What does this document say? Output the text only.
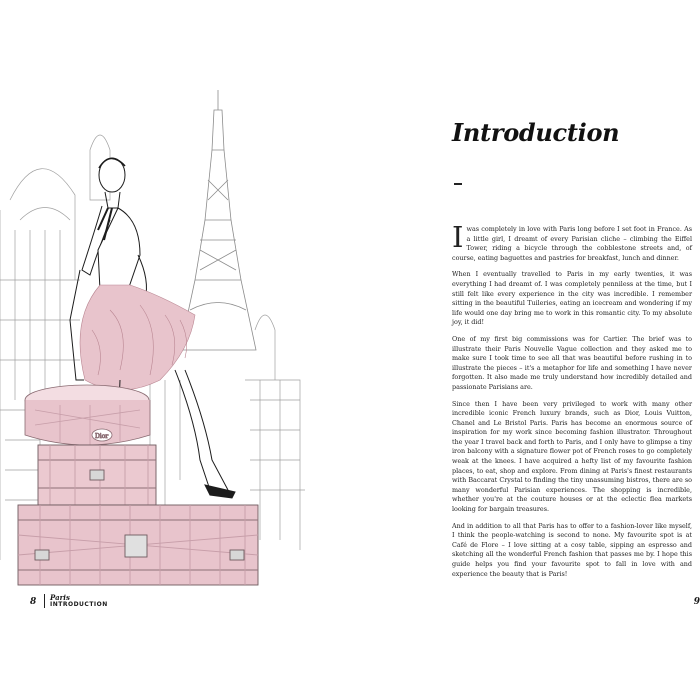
Dior
8 Paris
INTRODUCTION
Introduction

I was completely in love with Paris long before I set foot in France. As a little girl, I dreamt of every Parisian cliche – climbing the Eiffel Tower, riding a bicycle through the cobblestone streets and, of course, eating baguettes and pastries for breakfast, lunch and dinner.

When I eventually travelled to Paris in my early twenties, it was everything I had dreamt of. I was completely penniless at the time, but I still felt like every experience in the city was incredible. I remember sitting in the beautiful Tuileries, eating an icecream and wondering if my life would one day bring me to work in this romantic city. To my absolute joy, it did!

One of my first big commissions was for Cartier. The brief was to illustrate their Paris Nouvelle Vague collection and they asked me to make sure I took time to see all that was beautiful before rushing in to illustrate the pieces – it's a metaphor for life and something I have never forgotten. It also made me truly understand how incredibly detailed and passionate Parisians are.

Since then I have been very privileged to work with many other incredible iconic French luxury brands, such as Dior, Louis Vuitton, Chanel and Le Bristol Paris. Paris has become an enormous source of inspiration for my work since becoming fashion illustrator. Throughout the year I travel back and forth to Paris, and I only have to glimpse a tiny iron balcony with a signature flower pot of French roses to go completely weak at the knees. I have acquired a hefty list of my favourite fashion places, to eat, shop and explore. From dining at Paris's finest restaurants with Baccarat Crystal to finding the tiny unassuming bistros, there are so many wonderful Parisian experiences. The shopping is incredible, whether you're at the couture houses or at the eclectic flea markets looking for bargain treasures.

And in addition to all that Paris has to offer to a fashion-lover like myself, I think the people-watching is second to none. My favourite spot is at Café de Flore – I love sitting at a cosy table, sipping an espresso and sketching all the wonderful French fashion that passes me by. I hope this guide helps you find your favourite spot to fall in love with and experience the beauty that is Paris!

9
